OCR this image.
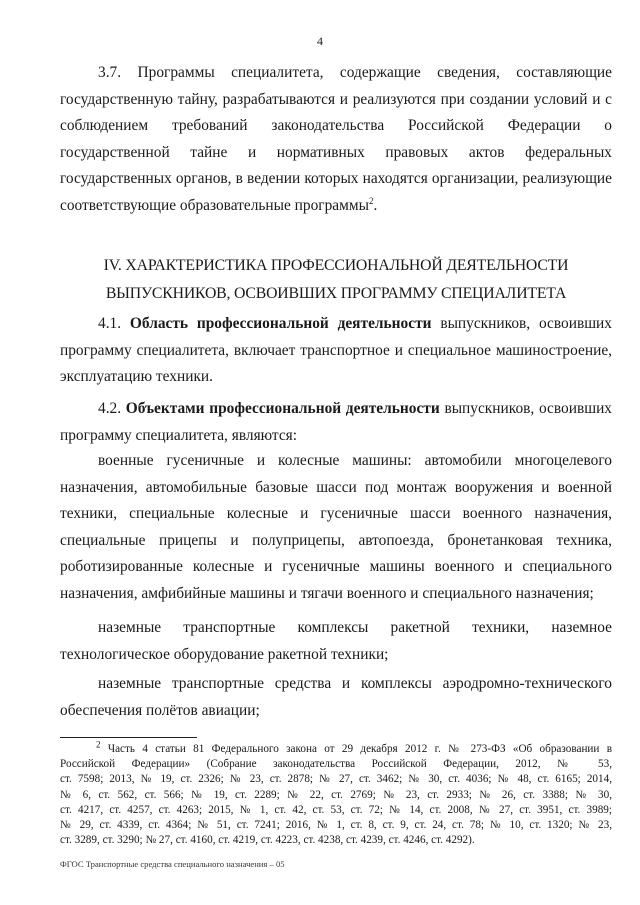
4

3.7. Программы специалитета, содержащие сведения, составляющие

государственную тайну, разрабатываются и реализуются при создании условий и с

соблюдением требований законодательства Российской Федерации о

государственной тайне и нормативных правовых актов федеральных

государственных органов, в ведении которых находятся организации, реализующие

соответствующие образовательные программы$^2$.

IV. ХАРАКТЕРИСТИКА ПРОФЕССИОНАЛЬНОЙ ДЕЯТЕЛЬНОСТИ
ВЫПУСКНИКОВ, ОСВОИВШИХ ПРОГРАММУ СПЕЦИАЛИТЕТА

4.1. Область профессиональной деятельности выпускников, освоивших

программу специалитета, включает транспортное и специальное машиностроение,

эксплуатацию техники.

4.2. Объектами профессиональной деятельности выпускников, освоивших

программу специалитета, являются:

военные гусеничные и колесные машины: автомобили многоцелевого

назначения, автомобильные базовые шасси под монтаж вооружения и военной

техники, специальные колесные и гусеничные шасси военного назначения,

специальные прицепы и полуприцепы, автопоезда, бронетанковая техника,

роботизированные колесные и гусеничные машины военного и специального

назначения, амфибийные машины и тягачи военного и специального назначения;

наземные транспортные комплексы ракетной техники, наземное

технологическое оборудование ракетной техники;

наземные транспортные средства и комплексы аэродромно-технического

обеспечения полётов авиации;

$^2$ Часть 4 статьи 81 Федерального закона от 29 декабря 2012 г. № 273-ФЗ «Об образовании в

Российской Федерации» (Собрание законодательства Российской Федерации, 2012, № 53,

ст. 7598; 2013, № 19, ст. 2326; № 23, ст. 2878; № 27, ст. 3462; № 30, ст. 4036; № 48, ст. 6165; 2014,

№ 6, ст. 562, ст. 566; № 19, ст. 2289; № 22, ст. 2769; № 23, ст. 2933; № 26, ст. 3388; № 30,

ст. 4217, ст. 4257, ст. 4263; 2015, № 1, ст. 42, ст. 53, ст. 72; № 14, ст. 2008, № 27, ст. 3951, ст. 3989;

№ 29, ст. 4339, ст. 4364; № 51, ст. 7241; 2016, № 1, ст. 8, ст. 9, ст. 24, ст. 78; № 10, ст. 1320; № 23,

ст. 3289, ст. 3290; № 27, ст. 4160, ст. 4219, ст. 4223, ст. 4238, ст. 4239, ст. 4246, ст. 4292).

ФГОС Транспортные средства специального назначения – 05
